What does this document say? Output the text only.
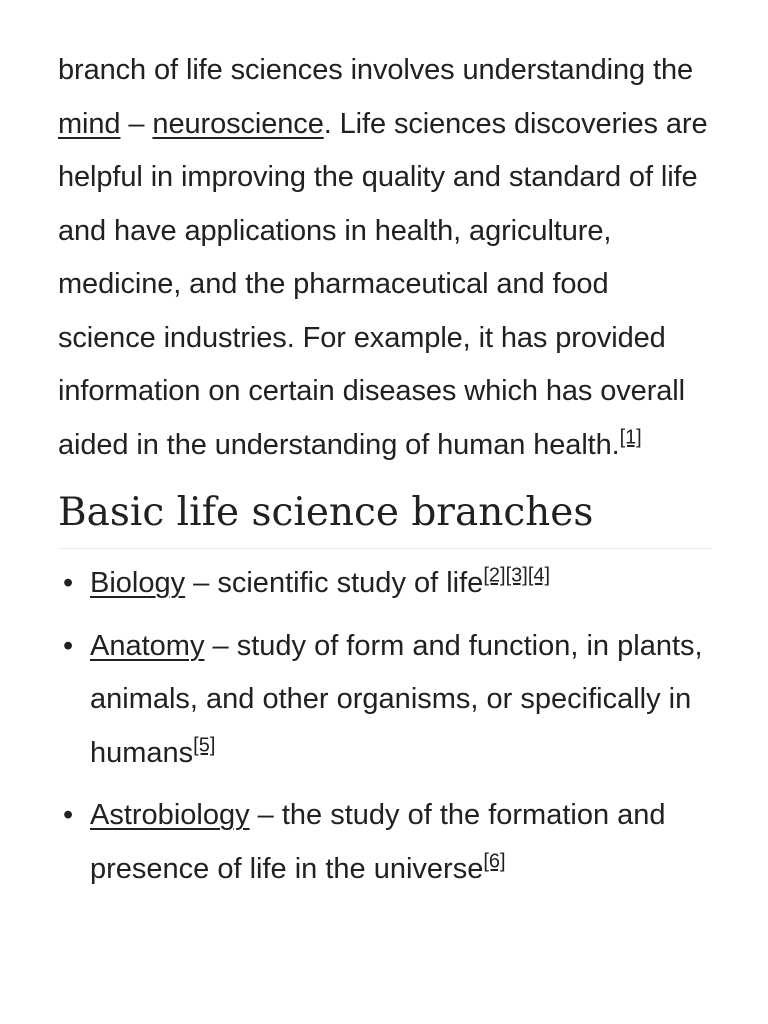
branch of life sciences involves understanding the mind – neuroscience. Life sciences discoveries are helpful in improving the quality and standard of life and have applications in health, agriculture, medicine, and the pharmaceutical and food science industries. For example, it has provided information on certain diseases which has overall aided in the understanding of human health.[1]

Basic life science branches
• Biology – scientific study of life[2][3][4]
• Anatomy – study of form and function, in plants, animals, and other organisms, or specifically in humans[5]
• Astrobiology – the study of the formation and presence of life in the universe[6]
